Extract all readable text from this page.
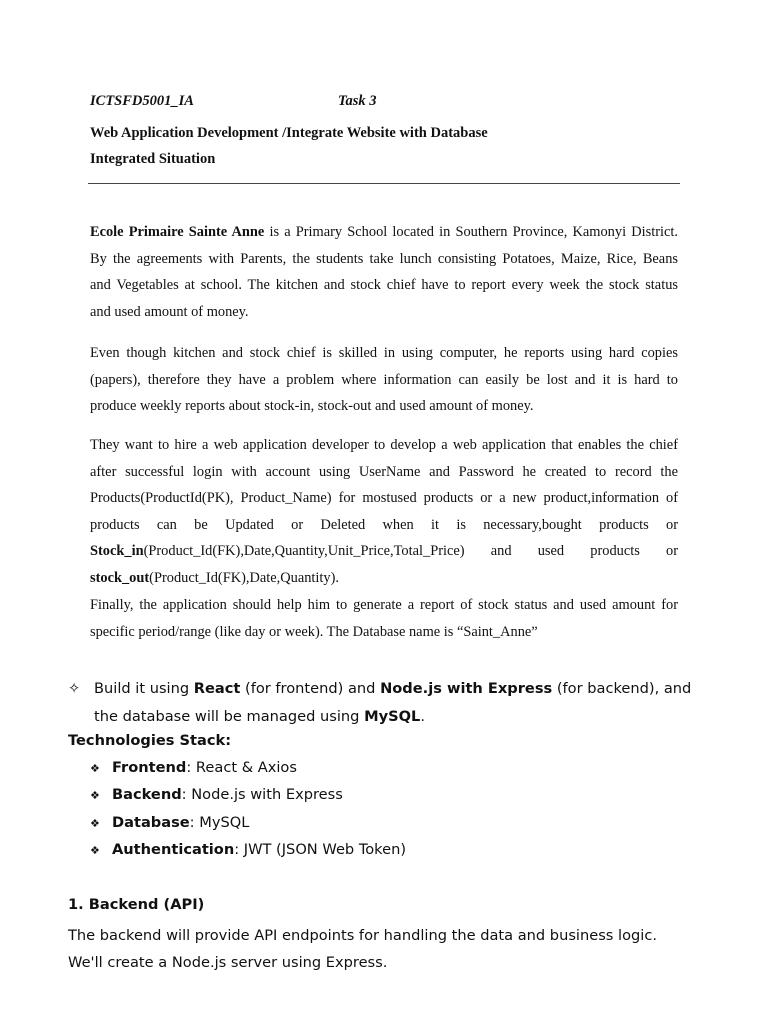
ICTSFD5001_IA	Task 3
Web Application Development /Integrate Website with Database
Integrated Situation
Ecole Primaire Sainte Anne is a Primary School located in Southern Province, Kamonyi District.
By the agreements with Parents, the students take lunch consisting Potatoes, Maize, Rice, Beans
and Vegetables at school. The kitchen and stock chief have to report every week the stock status
and used amount of money.
Even though kitchen and stock chief is skilled in using computer, he reports using hard copies
(papers), therefore they have a problem where information can easily be lost and it is hard to
produce weekly reports about stock-in, stock-out and used amount of money.
They want to hire a web application developer to develop a web application that enables the chief
after successful login with account using UserName and Password he created to record the
Products(ProductId(PK), Product_Name) for mostused products or a new product,information of
products can be Updated or Deleted when it is necessary,bought products or
Stock_in(Product_Id(FK),Date,Quantity,Unit_Price,Total_Price) and used products or
stock_out(Product_Id(FK),Date,Quantity).
Finally, the application should help him to generate a report of stock status and used amount for
specific period/range (like day or week). The Database name is “Saint_Anne”
✧ Build it using React (for frontend) and Node.js with Express (for backend), and
the database will be managed using MySQL.
Technologies Stack:
❖ Frontend: React & Axios
❖ Backend: Node.js with Express
❖ Database: MySQL
❖ Authentication: JWT (JSON Web Token)
1. Backend (API)
The backend will provide API endpoints for handling the data and business logic.
We'll create a Node.js server using Express.
